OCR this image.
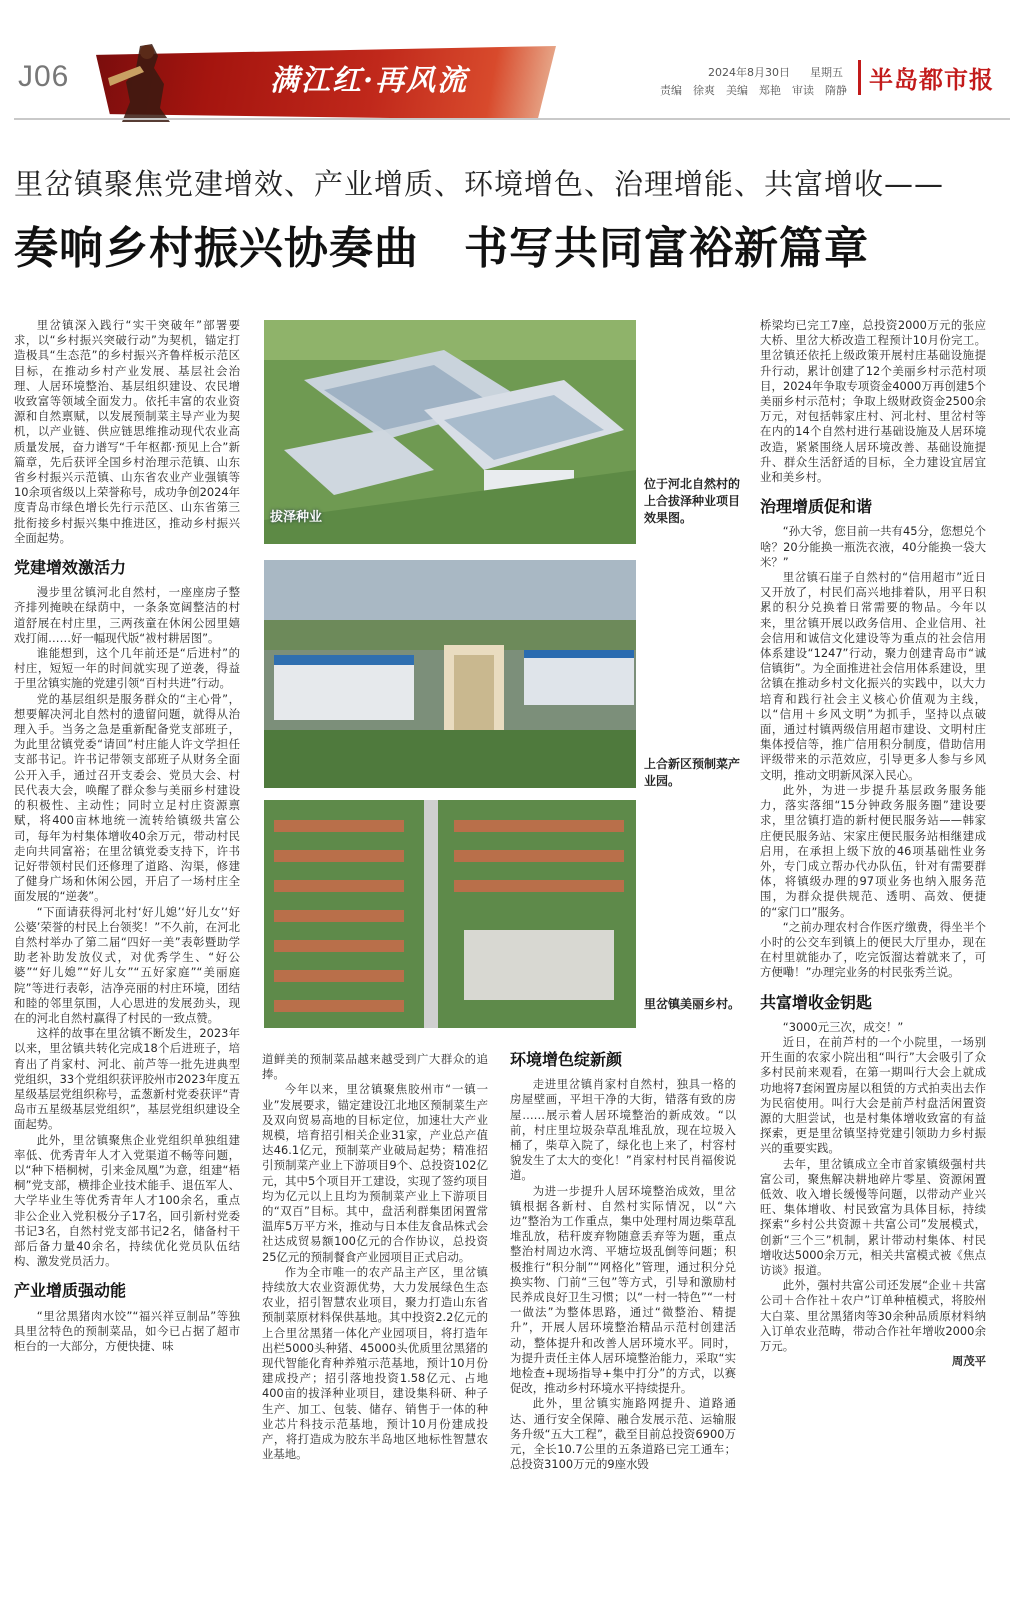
J06	满江红·再风流	2024年8月30日 星期五
责编　徐爽　美编　郑艳　审读　隋静 半岛都市报
里岔镇聚焦党建增效、产业增质、环境增色、治理增能、共富增收——
奏响乡村振兴协奏曲　书写共同富裕新篇章

里岔镇深入践行“实干突破年”部署要求，以“乡村振兴突破行动”为契机，锚定打造极具“生态范”的乡村振兴齐鲁样板示范区目标，在推动乡村产业发展、基层社会治理、人居环境整治、基层组织建设、农民增收致富等领域全面发力。依托丰富的农业资源和自然禀赋，以发展预制菜主导产业为契机，以产业链、供应链思维推动现代农业高质量发展，奋力谱写“千年枢都·预见上合”新篇章，先后获评全国乡村治理示范镇、山东省乡村振兴示范镇、山东省农业产业强镇等10余项省级以上荣誉称号，成功争创2024年度青岛市绿色增长先行示范区、山东省第三批衔接乡村振兴集中推进区，推动乡村振兴全面起势。

党建增效激活力

漫步里岔镇河北自然村，一座座房子整齐排列掩映在绿荫中，一条条宽阔整洁的村道舒展在村庄里，三两孩童在休闲公园里嬉戏打闹……好一幅现代版“袚村耕居图”。

谁能想到，这个几年前还是“后进村”的村庄，短短一年的时间就实现了逆袭，得益于里岔镇实施的党建引领“百村共进”行动。

党的基层组织是服务群众的“主心骨”，想要解决河北自然村的遗留问题，就得从治理入手。当务之急是重新配备党支部班子，为此里岔镇党委“请回”村庄能人许文学担任支部书记。许书记带领支部班子从财务全面公开入手，通过召开支委会、党员大会、村民代表大会，唤醒了群众参与美丽乡村建设的积极性、主动性；同时立足村庄资源禀赋，将400亩林地统一流转给镇级共富公司，每年为村集体增收40余万元，带动村民走向共同富裕；在里岔镇党委支持下，许书记好带领村民们还修理了道路、沟渠，修建了健身广场和休闲公园，开启了一场村庄全面发展的“逆袭”。

“下面请获得河北村‘好儿媳’‘好儿女’‘好公婆’荣誉的村民上台领奖！”不久前，在河北自然村举办了第二届“四好一美”表彰暨助学助老补助发放仪式，对优秀学生、“好公婆”“好儿媳”“好儿女”“五好家庭”“美丽庭院”等进行表彰，洁净亮丽的村庄环境，团结和睦的邻里氛围，人心思进的发展劲头，现在的河北自然村赢得了村民的一致点赞。

这样的故事在里岔镇不断发生，2023年以来，里岔镇共转化完成18个后进班子，培育出了肖家村、河北、前芦等一批先进典型党组织，33个党组织获评胶州市2023年度五星级基层党组织称号，孟葱新村党委获评“青岛市五星级基层党组织”，基层党组织建设全面起势。

此外，里岔镇聚焦企业党组织单独组建率低、优秀青年人才入党渠道不畅等问题，以“种下梧桐树，引来金凤凰”为意，组建“梧桐”党支部，横排企业技术能手、退伍军人、大学毕业生等优秀青年人才100余名，重点非公企业入党积极分子17名，回引新村党委书记3名，自然村党支部书记2名，储备村干部后备力量40余名，持续优化党员队伍结构、激发党员活力。

产业增质强动能

“里岔黑猪肉水饺”“福兴祥豆制品”等独具里岔特色的预制菜品，如今已占据了超市柜台的一大部分，方便快捷、味

拔泽种业
位于河北自然村的上合拔泽种业项目效果图。
上合新区预制菜产业园。
里岔镇美丽乡村。

道鲜美的预制菜品越来越受到广大群众的追捧。

今年以来，里岔镇聚焦胶州市“一镇一业”发展要求，锚定建设江北地区预制菜生产及双向贸易高地的目标定位，加速壮大产业规模，培育招引相关企业31家，产业总产值达46.1亿元，预制菜产业破局起势；精准招引预制菜产业上下游项目9个、总投资102亿元，其中5个项目开工建设，实现了签约项目均为亿元以上且均为预制菜产业上下游项目的“双百”目标。其中，盘活利群集团闲置常温库5万平方米，推动与日本佳友食品株式会社达成贸易额100亿元的合作协议，总投资25亿元的预制餐食产业园项目正式启动。

作为全市唯一的农产品主产区，里岔镇持续放大农业资源优势，大力发展绿色生态农业，招引智慧农业项目，聚力打造山东省预制菜原材料保供基地。其中投资2.2亿元的上合里岔黑猪一体化产业园项目，将打造年出栏5000头种猪、45000头优质里岔黑猪的现代智能化育种养殖示范基地，预计10月份建成投产；招引落地投资1.58亿元、占地400亩的拔泽种业项目，建设集科研、种子生产、加工、包装、储存、销售于一体的种业芯片科技示范基地，预计10月份建成投产，将打造成为胶东半岛地区地标性智慧农业基地。

环境增色绽新颜

走进里岔镇肖家村自然村，独具一格的房屋壁画，平坦干净的大街，错落有致的房屋……展示着人居环境整治的新成效。“以前，村庄里垃圾杂草乱堆乱放，现在垃圾入桶了，柴草入院了，绿化也上来了，村容村貌发生了太大的变化！”肖家村村民肖福俊说道。

为进一步提升人居环境整治成效，里岔镇根据各新村、自然村实际情况，以“六边”整治为工作重点，集中处理村周边柴草乱堆乱放，秸秆废弃物随意丢弃等为题，重点整治村周边水湾、平塘垃圾乱倒等问题；积极推行“积分制”“网格化”管理，通过积分兑换实物、门前“三包”等方式，引导和激励村民养成良好卫生习惯；以“一村一特色”“一村一做法”为整体思路，通过“微整治、精提升”，开展人居环境整治精品示范村创建活动，整体提升和改善人居环境水平。同时，为提升责任主体人居环境整治能力，采取“实地检查+现场指导+集中打分”的方式，以赛促改，推动乡村环境水平持续提升。

此外，里岔镇实施路网提升、道路通达、通行安全保障、融合发展示范、运输服务升级“五大工程”，截至目前总投资6900万元，全长10.7公里的五条道路已完工通车；总投资3100万元的9座水毁

桥梁均已完工7座，总投资2000万元的张应大桥、里岔大桥改造工程预计10月份完工。里岔镇还依托上级政策开展村庄基础设施提升行动，累计创建了12个美丽乡村示范村项目，2024年争取专项资金4000万再创建5个美丽乡村示范村；争取上级财政资金2500余万元，对包括韩家庄村、河北村、里岔村等在内的14个自然村进行基础设施及人居环境改造，紧紧围绕人居环境改善、基础设施提升、群众生活舒适的目标，全力建设宜居宜业和美乡村。

治理增质促和谐

“孙大爷，您目前一共有45分，您想兑个啥？20分能换一瓶洗衣液，40分能换一袋大米？”

里岔镇石崖子自然村的“信用超市”近日又开放了，村民们高兴地排着队，用平日积累的积分兑换着日常需要的物品。今年以来，里岔镇开展以政务信用、企业信用、社会信用和诚信文化建设等为重点的社会信用体系建设“1247”行动，聚力创建青岛市“诚信镇街”。为全面推进社会信用体系建设，里岔镇在推动乡村文化振兴的实践中，以大力培育和践行社会主义核心价值观为主线，以“信用＋乡风文明”为抓手，坚持以点破面，通过村镇两级信用超市建设、文明村庄集体授信等，推广信用积分制度，借助信用评级带来的示范效应，引导更多人参与乡风文明，推动文明新风深入民心。

此外，为进一步提升基层政务服务能力，落实落细“15分钟政务服务圈”建设要求，里岔镇打造的新村便民服务站——韩家庄便民服务站、宋家庄便民服务站相继建成启用，在承担上级下放的46项基础性业务外，专门成立帮办代办队伍，针对有需要群体，将镇级办理的97项业务也纳入服务范围，为群众提供规范、透明、高效、便捷的“家门口”服务。

“之前办理农村合作医疗缴费，得坐半个小时的公交车到镇上的便民大厅里办，现在在村里就能办了，吃完饭溜达着就来了，可方便嘞！”办理完业务的村民张秀兰说。

共富增收金钥匙

“3000元三次，成交！”

近日，在前芦村的一个小院里，一场别开生面的农家小院出租“叫行”大会吸引了众多村民前来观看，在第一期叫行大会上就成功地将7套闲置房屋以租赁的方式拍卖出去作为民宿使用。叫行大会是前芦村盘活闲置资源的大胆尝试，也是村集体增收致富的有益探索，更是里岔镇坚持党建引领助力乡村振兴的重要实践。

去年，里岔镇成立全市首家镇级强村共富公司，聚焦解决耕地碎片零星、资源闲置低效、收入增长缓慢等问题，以带动产业兴旺、集体增收、村民致富为具体目标，持续探索“乡村公共资源＋共富公司”发展模式，创新“三个三”机制，累计带动村集体、村民增收达5000余万元，相关共富模式被《焦点访谈》报道。

此外，强村共富公司还发展“企业＋共富公司＋合作社＋农户”订单种植模式，将胶州大白菜、里岔黑猪肉等30余种品质原材料纳入订单农业范畴，带动合作社年增收2000余万元。

周茂平
